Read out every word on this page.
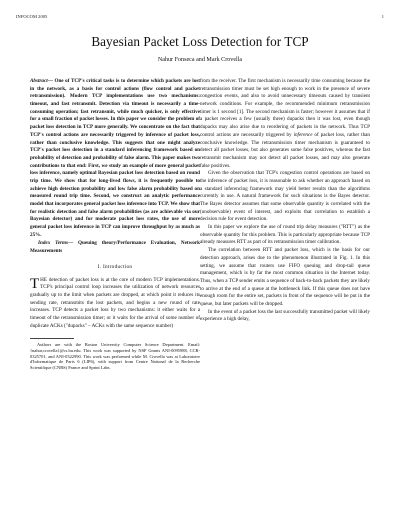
INFOCOM 2005	1
Bayesian Packet Loss Detection for TCP
Nahur Fonseca and Mark Crovella

Abstract— One of TCP's critical tasks is to determine which packets are lost in the network, as a basis for control actions (flow control and packet retransmission). Modern TCP implementations use two mechanisms: timeout, and fast retransmit. Detection via timeout is necessarily a time-consuming operation; fast retransmit, while much quicker, is only effective for a small fraction of packet losses. In this paper we consider the problem of packet loss detection in TCP more generally. We concentrate on the fact that TCP's control actions are necessarily triggered by inference of packet loss, rather than conclusive knowledge. This suggests that one might analyze TCP's packet loss detection in a standard inferencing framework based on probability of detection and probability of false alarm. This paper makes two contributions to that end: First, we study an example of more general packet loss inference, namely optimal Bayesian packet loss detection based on round trip time. We show that for long-lived flows, it is frequently possible to achieve high detection probability and low false alarm probability based on measured round trip time. Second, we construct an analytic performance model that incorporates general packet loss inference into TCP. We show that for realistic detection and false alarm probabilities (as are achievable via our Bayesian detector) and for moderate packet loss rates, the use of more general packet loss inference in TCP can improve throughput by as much as 25%.

Index Terms— Queuing theory/Performance Evaluation, Network Measurements

I. Introduction

THE detection of packet loss is at the core of modern TCP implementations. TCP's principal control loop increases the utilization of network resources gradually up to the limit when packets are dropped, at which point it reduces its sending rate, retransmits the lost packets, and begins a new round of rate increases. TCP detects a packet loss by two mechanisms: it either waits for a timeout of the retransmission timer; or it waits for the arrival of some number of duplicate ACKs ("dupacks" – ACKs with the same sequence number)

Authors are with the Boston University Computer Science Department. Email: {nahur,crovella}@cs.bu.edu. This work was supported by NSF Grants ANI-0095988, CCR-0325701, and ANI-0322990. This work was performed while M. Crovella was at Laboratoire d'Informatique de Paris 6 (LIP6), with support from Centre National de la Recherche Scientifique (CNRS) France and Sprint Labs.

from the receiver. The first mechanism is necessarily time consuming because the retransmission timer must be set high enough to work in the presence of severe congestion events, and also to avoid unnecessary timeouts caused by transient network conditions. For example, the recommended minimum retransmission timer is 1 second [1]. The second mechanism is faster; however it assumes that if a packet receives a few (usually three) dupacks then it was lost, even though dupacks may also arise due to reordering of packets in the network. Thus TCP control actions are necessarily triggered by inference of packet loss, rather than conclusive knowledge. The retransmission timer mechanism is guaranteed to detect all packet losses, but also generates some false positives, whereas the fast retransmit mechanism may not detect all packet losses, and may also generate false positives.

Given the observation that TCP's congestion control operations are based on the inference of packet loss, it is reasonable to ask whether an approach based on a standard inferencing framework may yield better results than the algorithms currently in use. A natural framework for such situations is the Bayes detector. The Bayes detector assumes that some observable quantity is correlated with the (unobservable) event of interest, and exploits that correlation to establish a decision rule for event detection.

In this paper we explore the use of round trip delay measures ("RTT") as the observable quantity for this problem. This is particularly appropriate because TCP already measures RTT as part of its retransmission timer calibration.

The correlation between RTT and packet loss, which is the basis for our detection approach, arises due to the phenomenon illustrated in Fig. 1. In this setting, we assume that routers use FIFO queuing and drop-tail queue management, which is by far the most common situation in the Internet today. Thus, when a TCP sender emits a sequence of back-to-back packets they are likely to arrive at the end of a queue at the bottleneck link. If this queue does not have enough room for the entire set, packets in front of the sequence will be put in the queue, but later packets will be dropped.

In the event of a packet loss the last successfully transmitted packet will likely experience a high delay,
